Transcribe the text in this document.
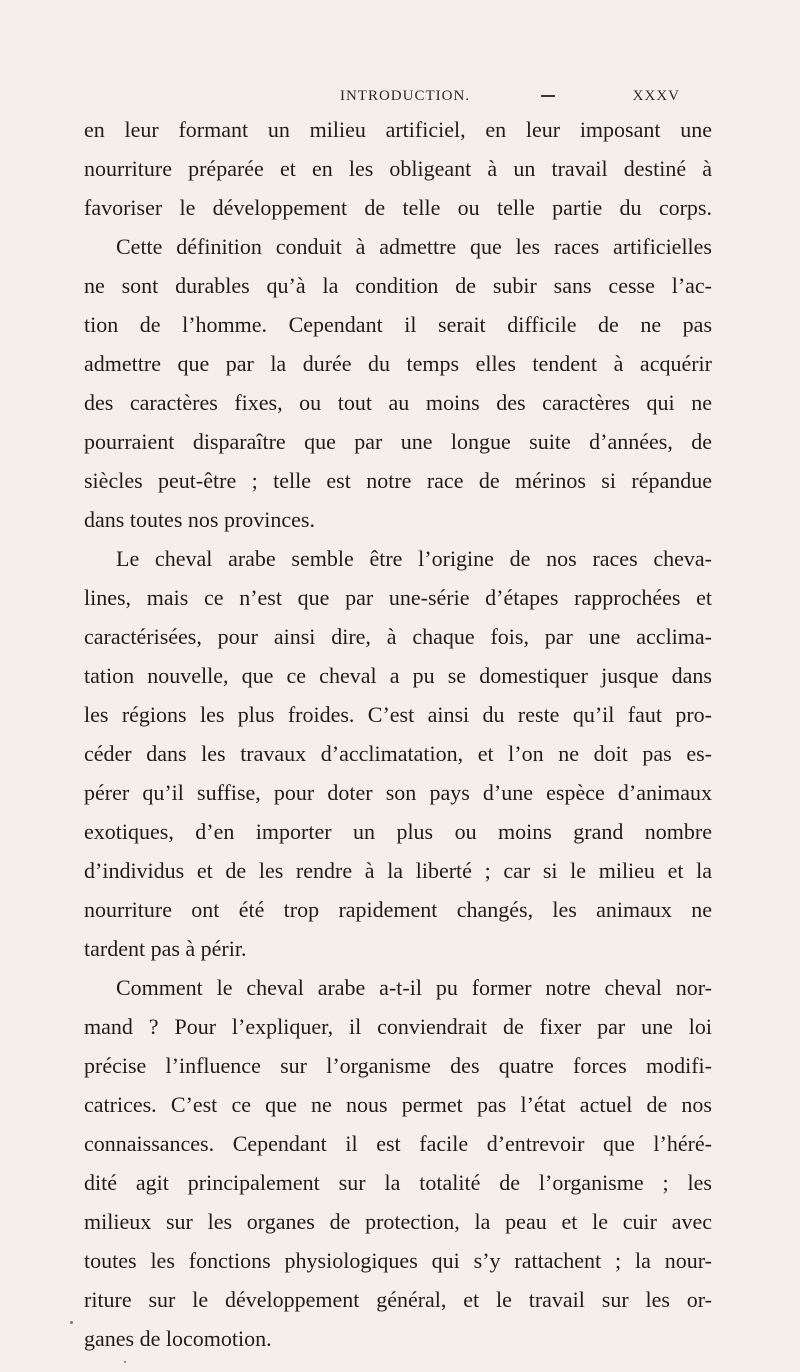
INTRODUCTION.	XXXV
en leur formant un milieu artificiel, en leur imposant une
nourriture préparée et en les obligeant à un travail destiné à
favoriser le développement de telle ou telle partie du corps.
Cette définition conduit à admettre que les races artificielles
ne sont durables qu’à la condition de subir sans cesse l’ac-
tion de l’homme. Cependant il serait difficile de ne pas
admettre que par la durée du temps elles tendent à acquérir
des caractères fixes, ou tout au moins des caractères qui ne
pourraient disparaître que par une longue suite d’années, de
siècles peut-être ; telle est notre race de mérinos si répandue
dans toutes nos provinces.
Le cheval arabe semble être l’origine de nos races cheva-
lines, mais ce n’est que par une-série d’étapes rapprochées et
caractérisées, pour ainsi dire, à chaque fois, par une acclima-
tation nouvelle, que ce cheval a pu se domestiquer jusque dans
les régions les plus froides. C’est ainsi du reste qu’il faut pro-
céder dans les travaux d’acclimatation, et l’on ne doit pas es-
pérer qu’il suffise, pour doter son pays d’une espèce d’animaux
exotiques, d’en importer un plus ou moins grand nombre
d’individus et de les rendre à la liberté ; car si le milieu et la
nourriture ont été trop rapidement changés, les animaux ne
tardent pas à périr.
Comment le cheval arabe a-t-il pu former notre cheval nor-
mand ? Pour l’expliquer, il conviendrait de fixer par une loi
précise l’influence sur l’organisme des quatre forces modifi-
catrices. C’est ce que ne nous permet pas l’état actuel de nos
connaissances. Cependant il est facile d’entrevoir que l’héré-
dité agit principalement sur la totalité de l’organisme ; les
milieux sur les organes de protection, la peau et le cuir avec
toutes les fonctions physiologiques qui s’y rattachent ; la nour-
riture sur le développement général, et le travail sur les or-
ganes de locomotion.
